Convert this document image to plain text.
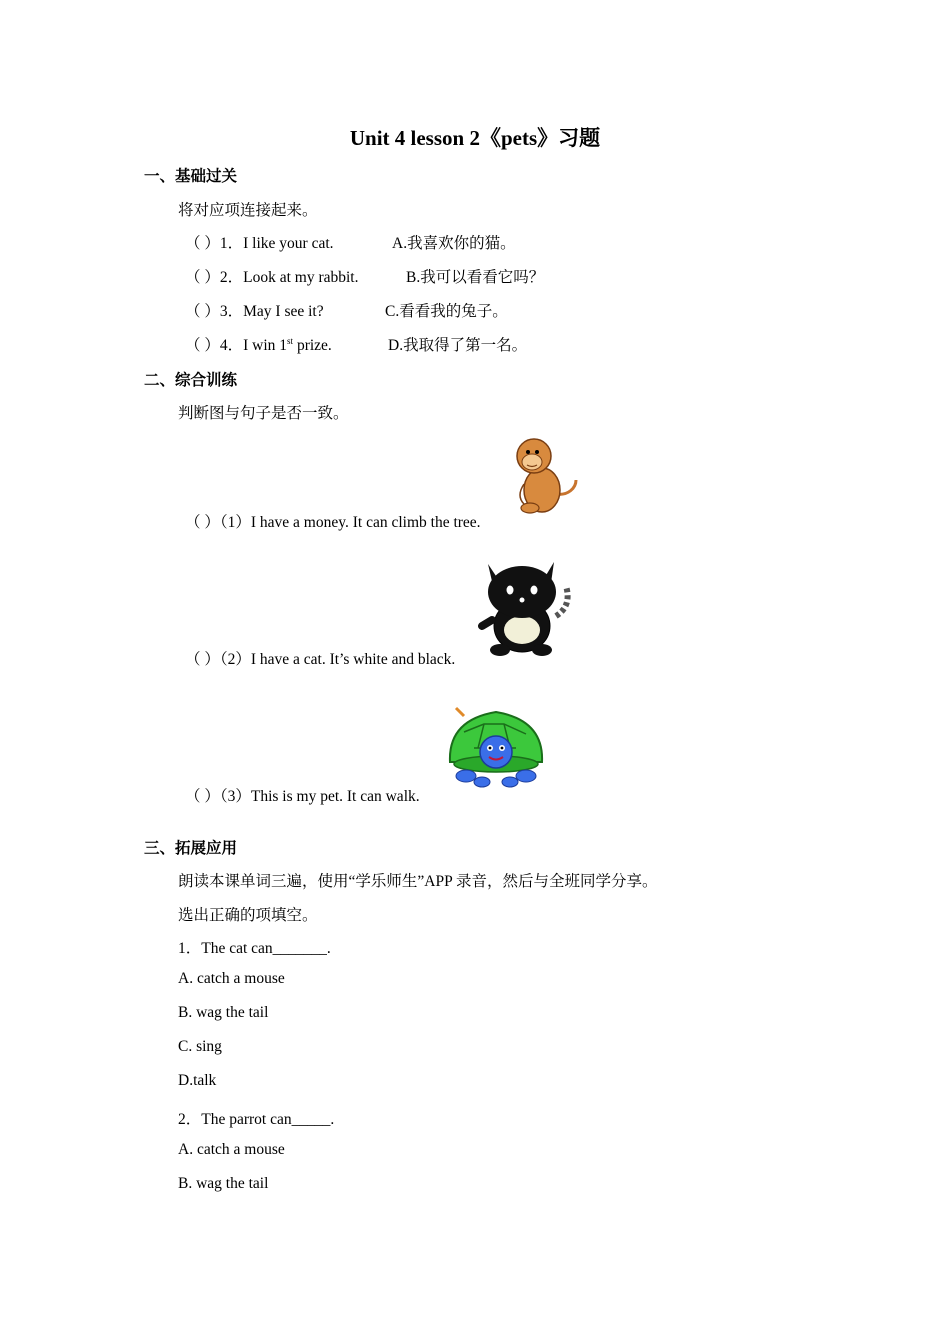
Unit 4 lesson 2《pets》习题
一、基础过关
将对应项连接起来。
（ ）1．I like your cat.	A.我喜欢你的猫。
（ ）2．Look at my rabbit.	B.我可以看看它吗？
（ ）3．May I see it?	C.看看我的兔子。
（ ）4．I win 1st prize.	D.我取得了第一名。
二、综合训练
判断图与句子是否一致。
（ ）（1）I have a money. It can climb the tree.
（ ）（2）I have a cat. It’s white and black.
（ ）（3）This is my pet. It can walk.
三、拓展应用
朗读本课单词三遍，使用“学乐师生”APP 录音，然后与全班同学分享。
选出正确的项填空。
1．The cat can_______.
A. catch a mouse
B. wag the tail
C. sing
D.talk
2．The parrot can_____.
A. catch a mouse
B. wag the tail
